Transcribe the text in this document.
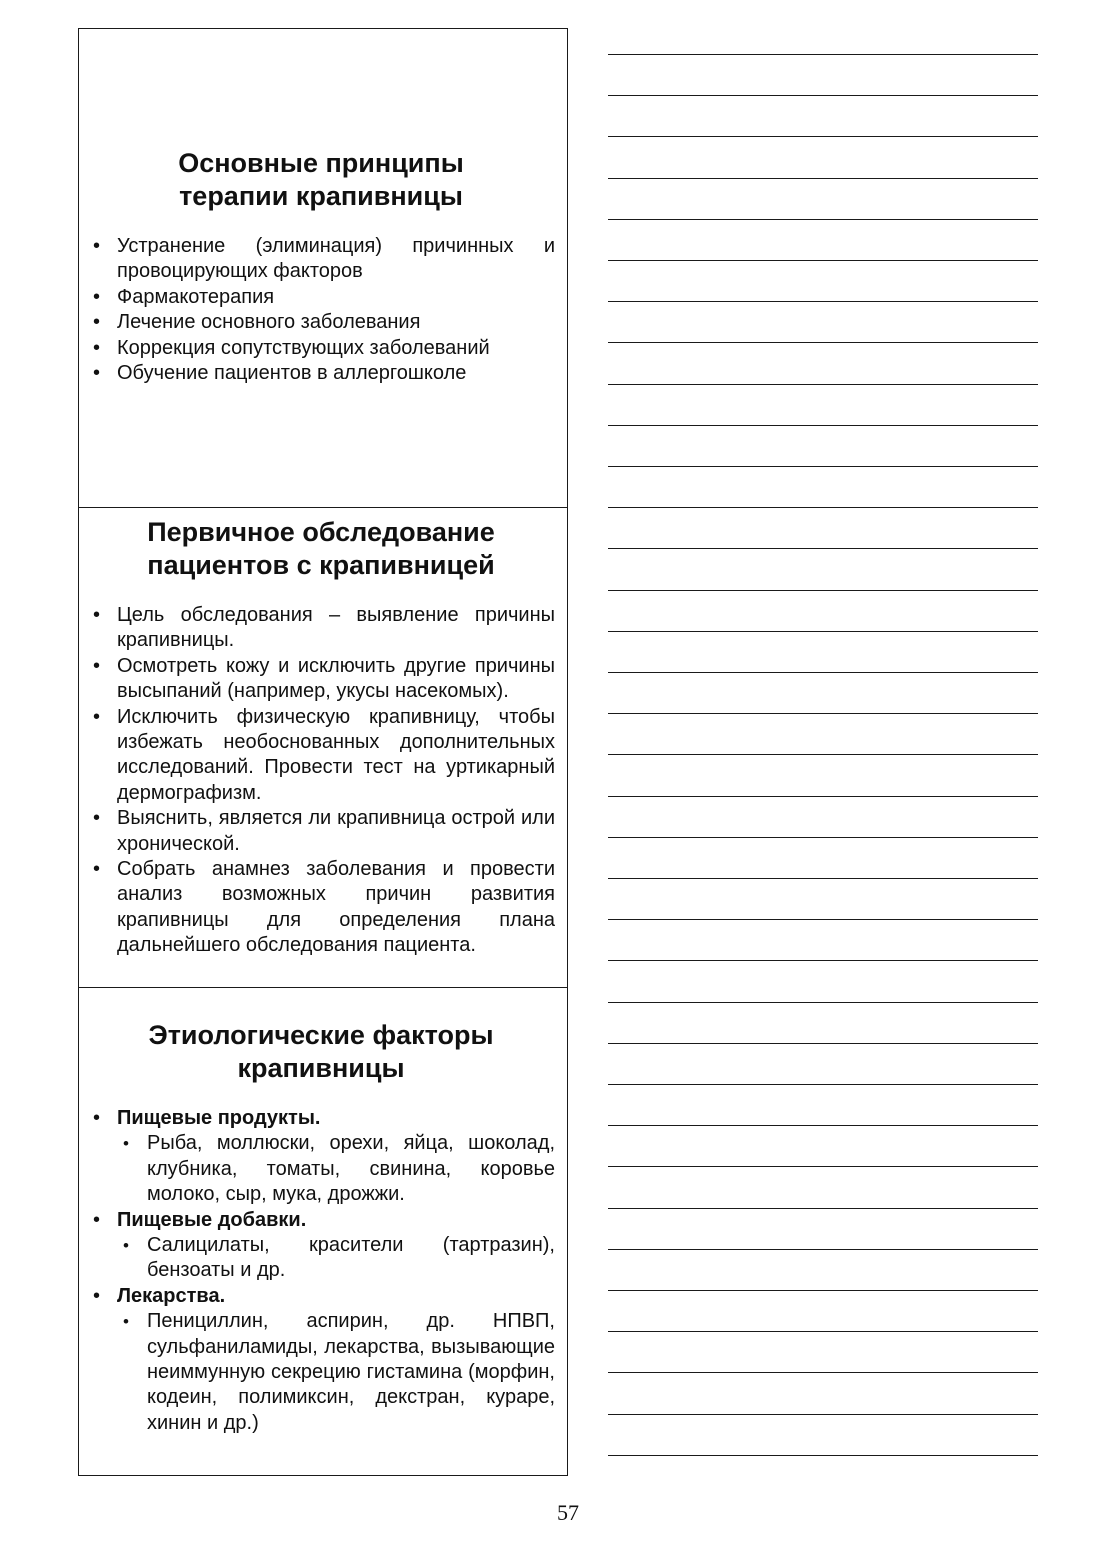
Основные принципы
терапии крапивницы
• Устранение (элиминация) причинных и провоцирующих факторов
• Фармакотерапия
• Лечение основного заболевания
• Коррекция сопутствующих заболеваний
• Обучение пациентов в аллергошколе
Первичное обследование
пациентов с крапивницей
• Цель обследования – выявление причины крапивницы.
• Осмотреть кожу и исключить другие причины высыпаний (например, укусы насекомых).
• Исключить физическую крапивницу, чтобы избежать необоснованных дополнительных исследований. Провести тест на уртикарный дермографизм.
• Выяснить, является ли крапивница острой или хронической.
• Собрать анамнез заболевания и провести анализ возможных причин развития крапивницы для определения плана дальнейшего обследования пациента.
Этиологические факторы
крапивницы
• Пищевые продукты.
• Рыба, моллюски, орехи, яйца, шоколад, клубника, томаты, свинина, коровье молоко, сыр, мука, дрожжи.
• Пищевые добавки.
• Салицилаты, красители (тартразин), бензоаты и др.
• Лекарства.
• Пенициллин, аспирин, др. НПВП, сульфаниламиды, лекарства, вызывающие неиммунную секрецию гистамина (морфин, кодеин, полимиксин, декстран, кураре, хинин и др.)
57
